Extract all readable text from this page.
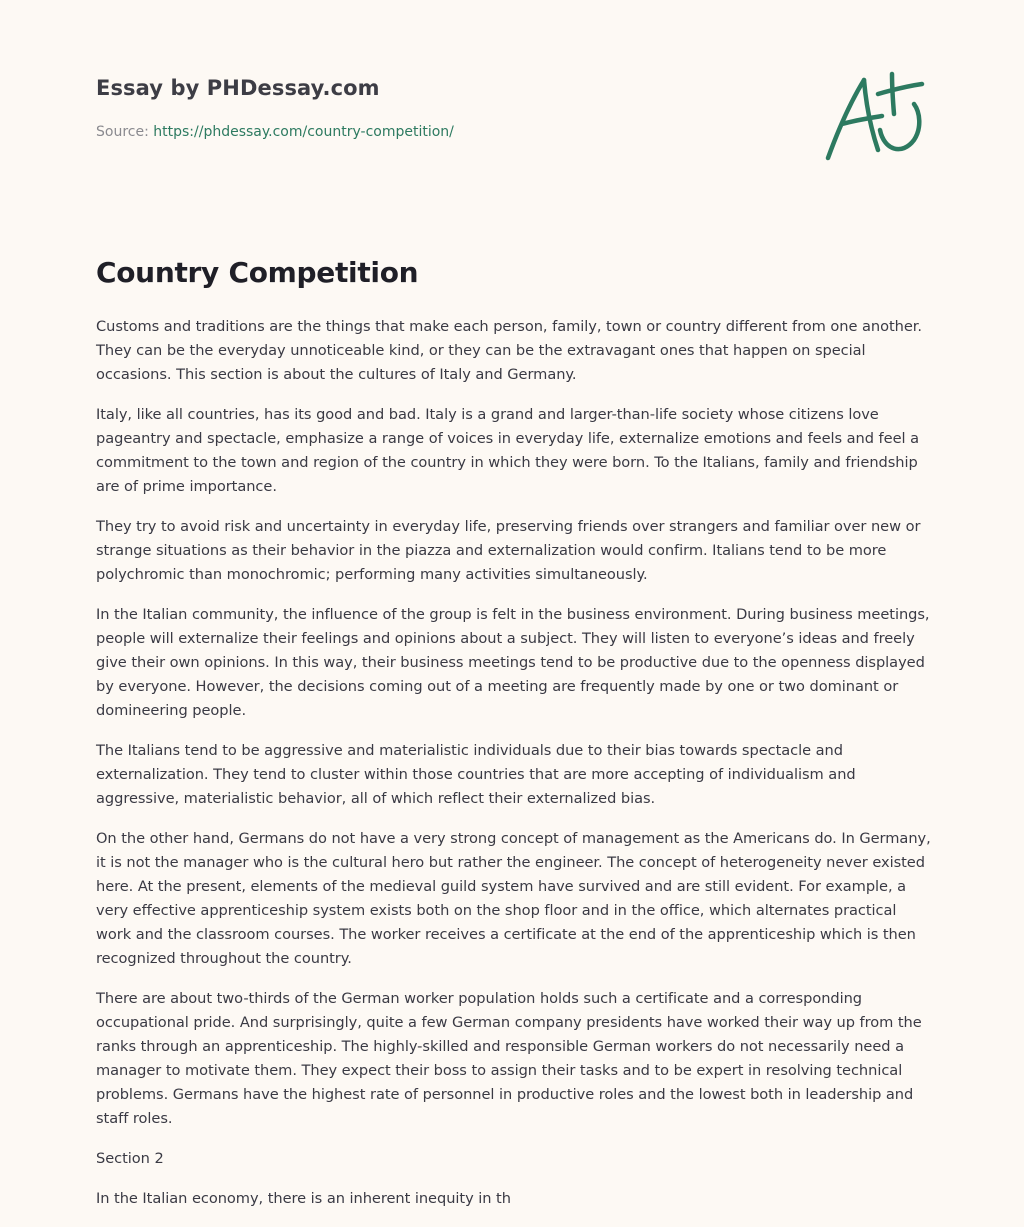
Essay by PHDessay.com
Source: https://phdessay.com/country-competition/
Country Competition

Customs and traditions are the things that make each person, family, town or country different from one another. They can be the everyday unnoticeable kind, or they can be the extravagant ones that happen on special occasions. This section is about the cultures of Italy and Germany.

Italy, like all countries, has its good and bad. Italy is a grand and larger-than-life society whose citizens love pageantry and spectacle, emphasize a range of voices in everyday life, externalize emotions and feels and feel a commitment to the town and region of the country in which they were born. To the Italians, family and friendship are of prime importance.

They try to avoid risk and uncertainty in everyday life, preserving friends over strangers and familiar over new or strange situations as their behavior in the piazza and externalization would confirm. Italians tend to be more polychromic than monochromic; performing many activities simultaneously.

In the Italian community, the influence of the group is felt in the business environment. During business meetings, people will externalize their feelings and opinions about a subject. They will listen to everyone’s ideas and freely give their own opinions. In this way, their business meetings tend to be productive due to the openness displayed by everyone. However, the decisions coming out of a meeting are frequently made by one or two dominant or domineering people.

The Italians tend to be aggressive and materialistic individuals due to their bias towards spectacle and externalization. They tend to cluster within those countries that are more accepting of individualism and aggressive, materialistic behavior, all of which reflect their externalized bias.

On the other hand, Germans do not have a very strong concept of management as the Americans do. In Germany, it is not the manager who is the cultural hero but rather the engineer. The concept of heterogeneity never existed here. At the present, elements of the medieval guild system have survived and are still evident. For example, a very effective apprenticeship system exists both on the shop floor and in the office, which alternates practical work and the classroom courses. The worker receives a certificate at the end of the apprenticeship which is then recognized throughout the country.

There are about two-thirds of the German worker population holds such a certificate and a corresponding occupational pride. And surprisingly, quite a few German company presidents have worked their way up from the ranks through an apprenticeship. The highly-skilled and responsible German workers do not necessarily need a manager to motivate them. They expect their boss to assign their tasks and to be expert in resolving technical problems. Germans have the highest rate of personnel in productive roles and the lowest both in leadership and staff roles.

Section 2

In the Italian economy, there is an inherent inequity in th
